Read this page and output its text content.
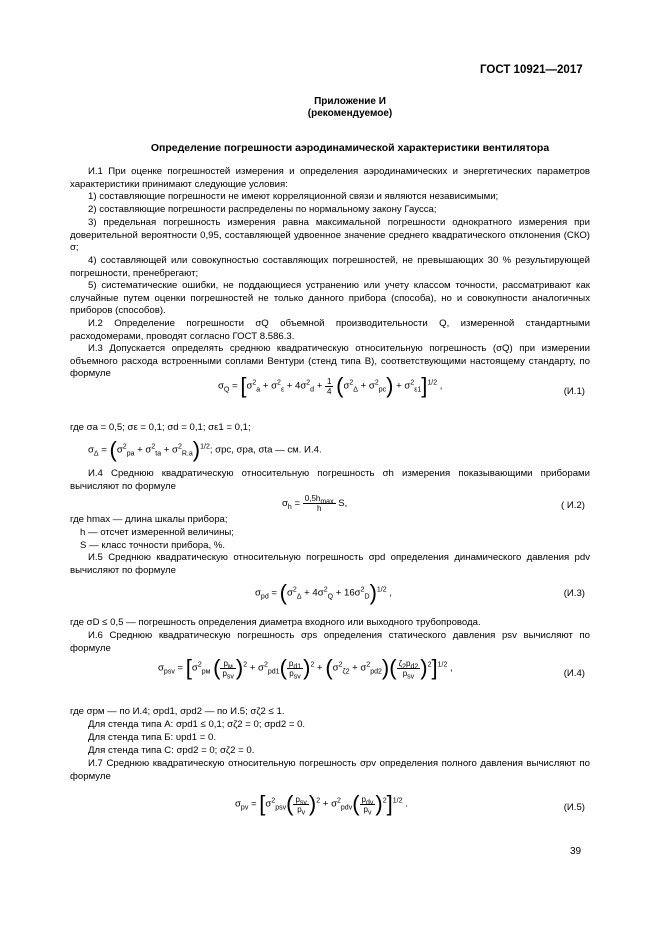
ГОСТ 10921—2017
Приложение И
(рекомендуемое)
Определение погрешности аэродинамической характеристики вентилятора
И.1 При оценке погрешностей измерения и определения аэродинамических и энергетических параметров характеристики принимают следующие условия:
1) составляющие погрешности не имеют корреляционной связи и являются независимыми;
2) составляющие погрешности распределены по нормальному закону Гаусса;
3) предельная погрешность измерения равна максимальной погрешности однократного измерения при доверительной вероятности 0,95, составляющей удвоенное значение среднего квадратического отклонения (СКО) σ;
4) составляющей или совокупностью составляющих погрешностей, не превышающих 30 % результирующей погрешности, пренебрегают;
5) систематические ошибки, не поддающиеся устранению или учету классом точности, рассматривают как случайные путем оценки погрешностей не только данного прибора (способа), но и совокупности аналогичных приборов (способов).
И.2 Определение погрешности σQ объемной производительности Q, измеренной стандартными расходомерами, проводят согласно ГОСТ 8.586.3.
И.3 Допускается определять среднюю квадратическую относительную погрешность (σQ) при измерении объемного расхода встроенными соплами Вентури (стенд типа В), соответствующими настоящему стандарту, по формуле
$\sigma_Q = [\sigma^2_a + \sigma^2_\varepsilon + 4\sigma^2_d + \frac{1}{4} (\sigma^2_\Delta + \sigma^2_{pc}) + \sigma^2_{\varepsilon 1}]^{1/2}$ ,	(И.1)
где σa = 0,5; σε = 0,1; σd = 0,1; σε1 = 0,1;
$\sigma_\Delta = (\sigma^2_{pa} + \sigma^2_{ta} + \sigma^2_{R.a})^{1/2}$; σpc, σpa, σta — см. И.4.
И.4 Среднюю квадратическую относительную погрешность σh измерения показывающими приборами вычисляют по формуле
$\sigma_h = \frac{0,5h_{max}}{h} S$,	( И.2)
где hmax — длина шкалы прибора;
h — отсчет измеренной величины;
S — класс точности прибора, %.
И.5 Среднюю квадратическую относительную погрешность σpd определения динамического давления pdv вычисляют по формуле
$\sigma_{pd} = (\sigma^2_\Delta + 4\sigma^2_Q + 16\sigma^2_D)^{1/2}$ ,	(И.3)
где σD ≤ 0,5 — погрешность определения диаметра входного или выходного трубопровода.
И.6 Среднюю квадратическую погрешность σps определения статического давления psv вычисляют по формуле
$\sigma_{psv} = [\sigma^2_{pм}$ ( $\frac{p_м}{p_{sv}} )^2 + \sigma^2_{pd1}( \frac{p_{d1}}{p_{sv}} )^2 + (\sigma^2_{\zeta 2} + \sigma^2_{pd2})( \frac{\zeta_2p_{d2}}{p_{sv}} )^2]^{1/2}$ ,	(И.4)
где σpм — по И.4; σpd1, σpd2 — по И.5; σζ2 ≤ 1.
Для стенда типа А: σpd1 ≤ 0,1; σζ2 = 0; σpd2 = 0.
Для стенда типа Б: υpd1 = 0.
Для стенда типа С: σpd2 = 0; σζ2 = 0.
И.7 Среднюю квадратическую относительную погрешность σpv определения полного давления вычисляют по формуле
$\sigma_{pv} = [\sigma^2_{psv}( \frac{p_{sv}}{p_v} )^2 + \sigma^2_{pdv}( \frac{p_{dv}}{p_v} )^2]^{1/2}$ .	(И.5)
39
